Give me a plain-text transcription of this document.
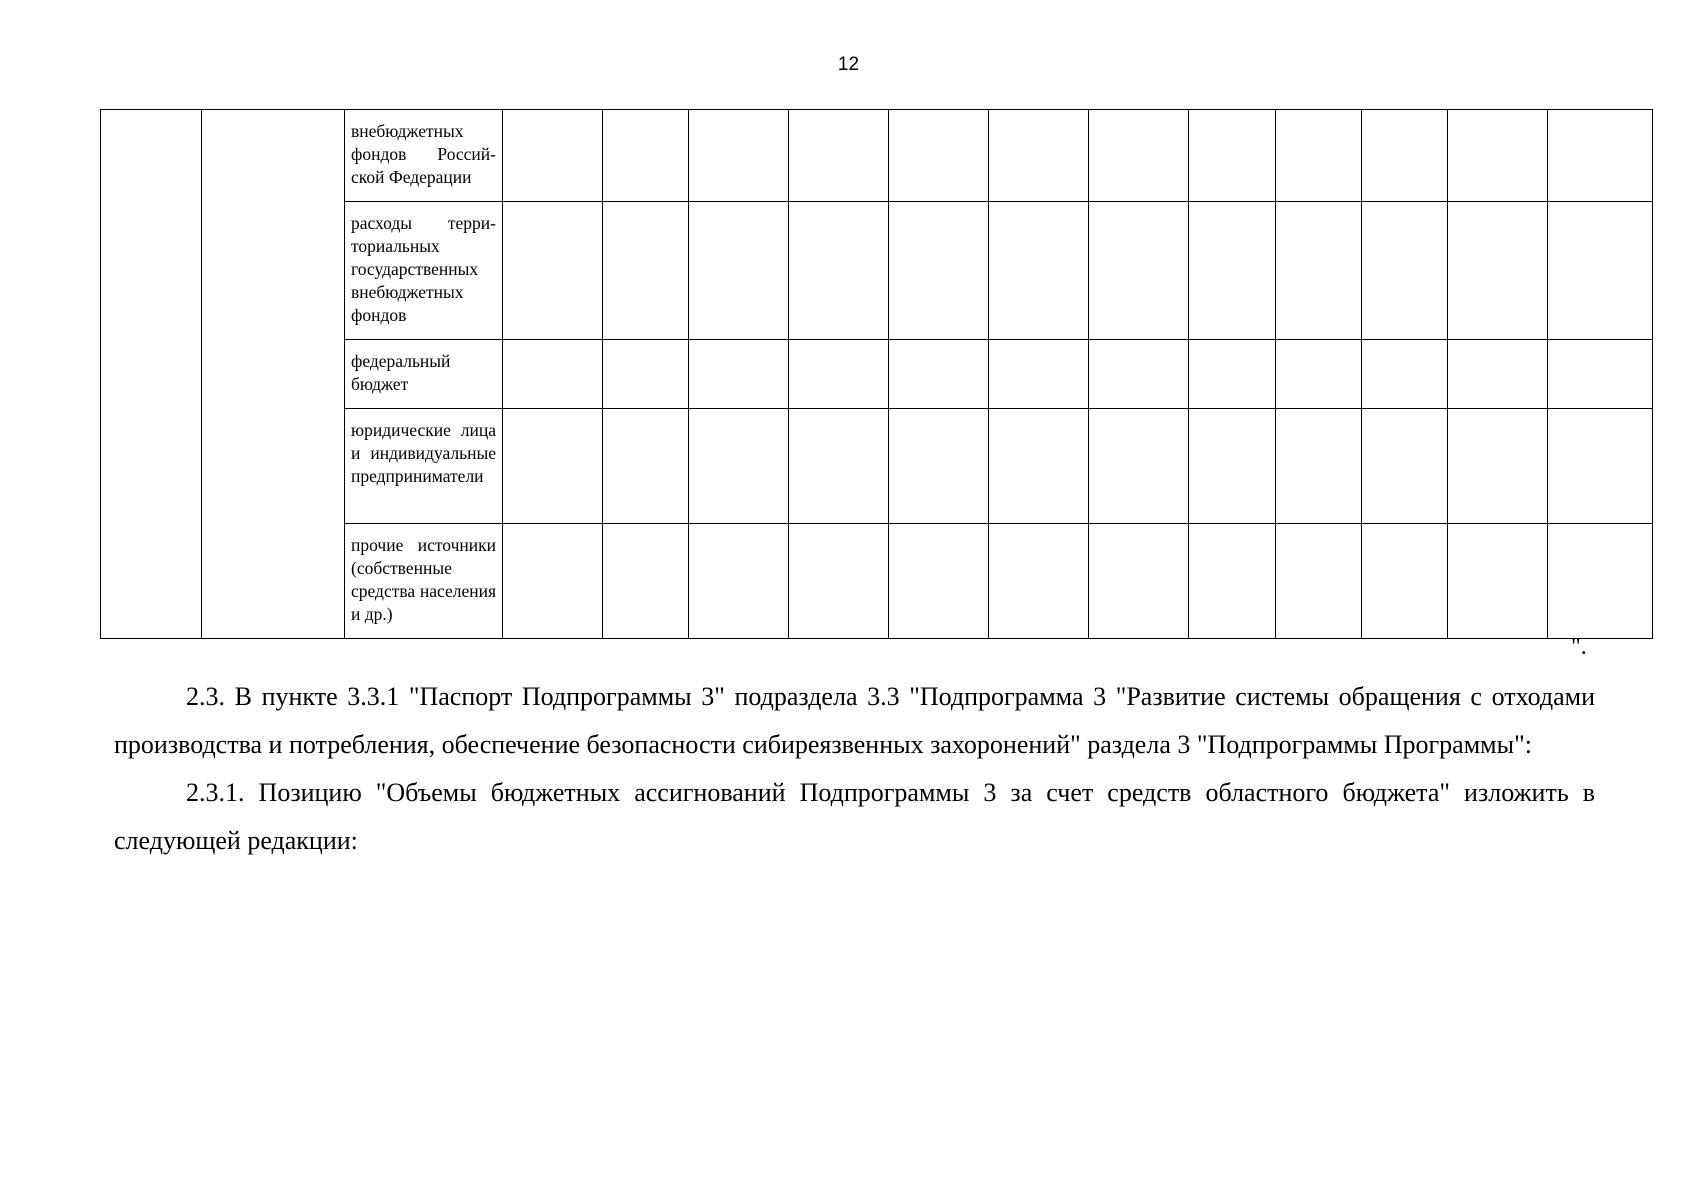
12
		внебюджетных фондов Российской Федерации												
		расходы территориальных государственных внебюджетных фондов												
		федеральный бюджет												
		юридические лица и индивидуальные предприниматели												
		прочие источники (собственные средства населения и др.)												
".

2.3. В пункте 3.3.1 "Паспорт Подпрограммы 3" подраздела 3.3 "Подпрограмма 3 "Развитие системы обращения с отходами производства и потребления, обеспечение безопасности сибиреязвенных захоронений" раздела 3 "Подпрограммы Программы":

2.3.1. Позицию "Объемы бюджетных ассигнований Подпрограммы 3 за счет средств областного бюджета" изложить в следующей редакции:
